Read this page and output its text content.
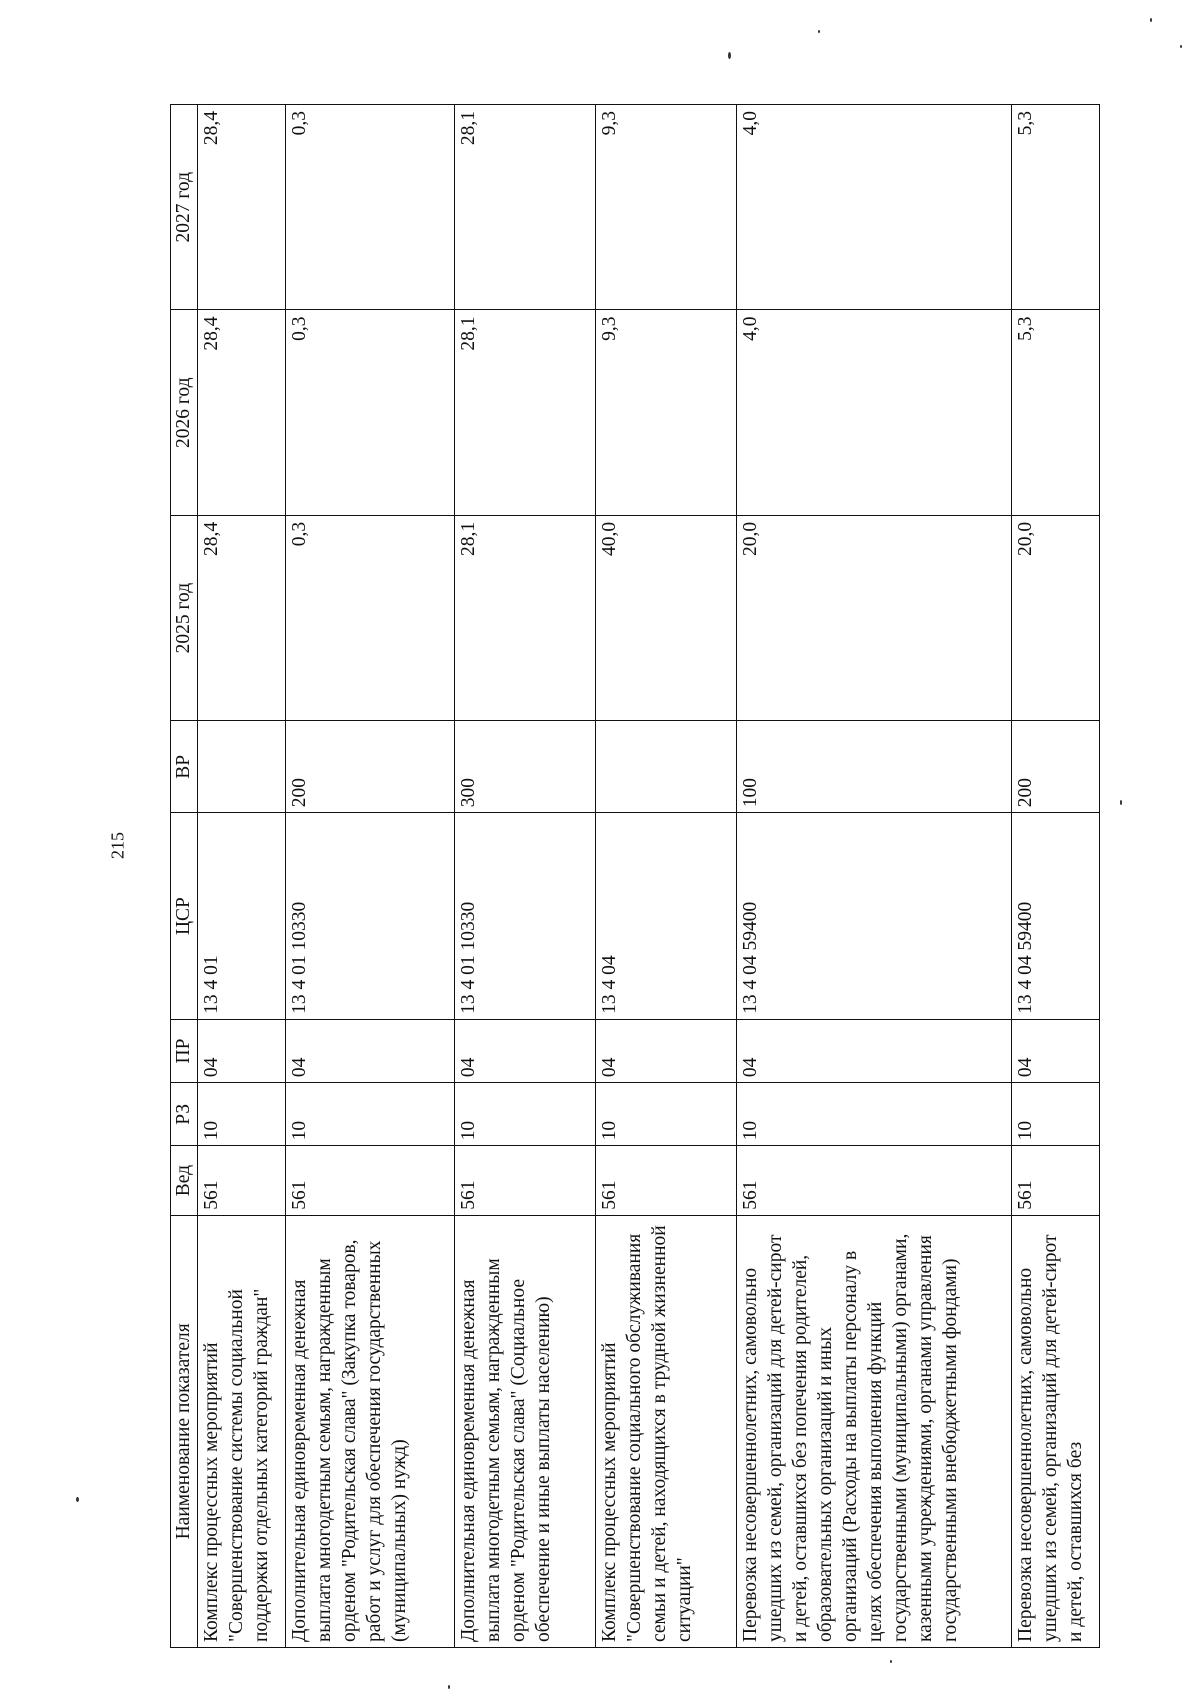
215
Наименование показателя	Вед	РЗ	ПР	ЦСР	ВР	2025 год	2026 год	2027 год
Комплекс процессных мероприятий "Совершенствование системы социальной поддержки отдельных категорий граждан"	561	10	04	13 4 01		28,4	28,4	28,4
Дополнительная единовременная денежная выплата многодетным семьям, награжденным орденом "Родительская слава" (Закупка товаров, работ и услуг для обеспечения государственных (муниципальных) нужд)	561	10	04	13 4 01 10330	200	0,3	0,3	0,3
Дополнительная единовременная денежная выплата многодетным семьям, награжденным орденом "Родительская слава" (Социальное обеспечение и иные выплаты населению)	561	10	04	13 4 01 10330	300	28,1	28,1	28,1
Комплекс процессных мероприятий "Совершенствование социального обслуживания семьи и детей, находящихся в трудной жизненной ситуации"	561	10	04	13 4 04		40,0	9,3	9,3
Перевозка несовершеннолетних, самовольно ушедших из семей, организаций для детей-сирот и детей, оставшихся без попечения родителей, образовательных организаций и иных организаций (Расходы на выплаты персоналу в целях обеспечения выполнения функций государственными (муниципальными) органами, казенными учреждениями, органами управления государственными внебюджетными фондами)	561	10	04	13 4 04 59400	100	20,0	4,0	4,0
Перевозка несовершеннолетних, самовольно ушедших из семей, организаций для детей-сирот и детей, оставшихся без	561	10	04	13 4 04 59400	200	20,0	5,3	5,3
